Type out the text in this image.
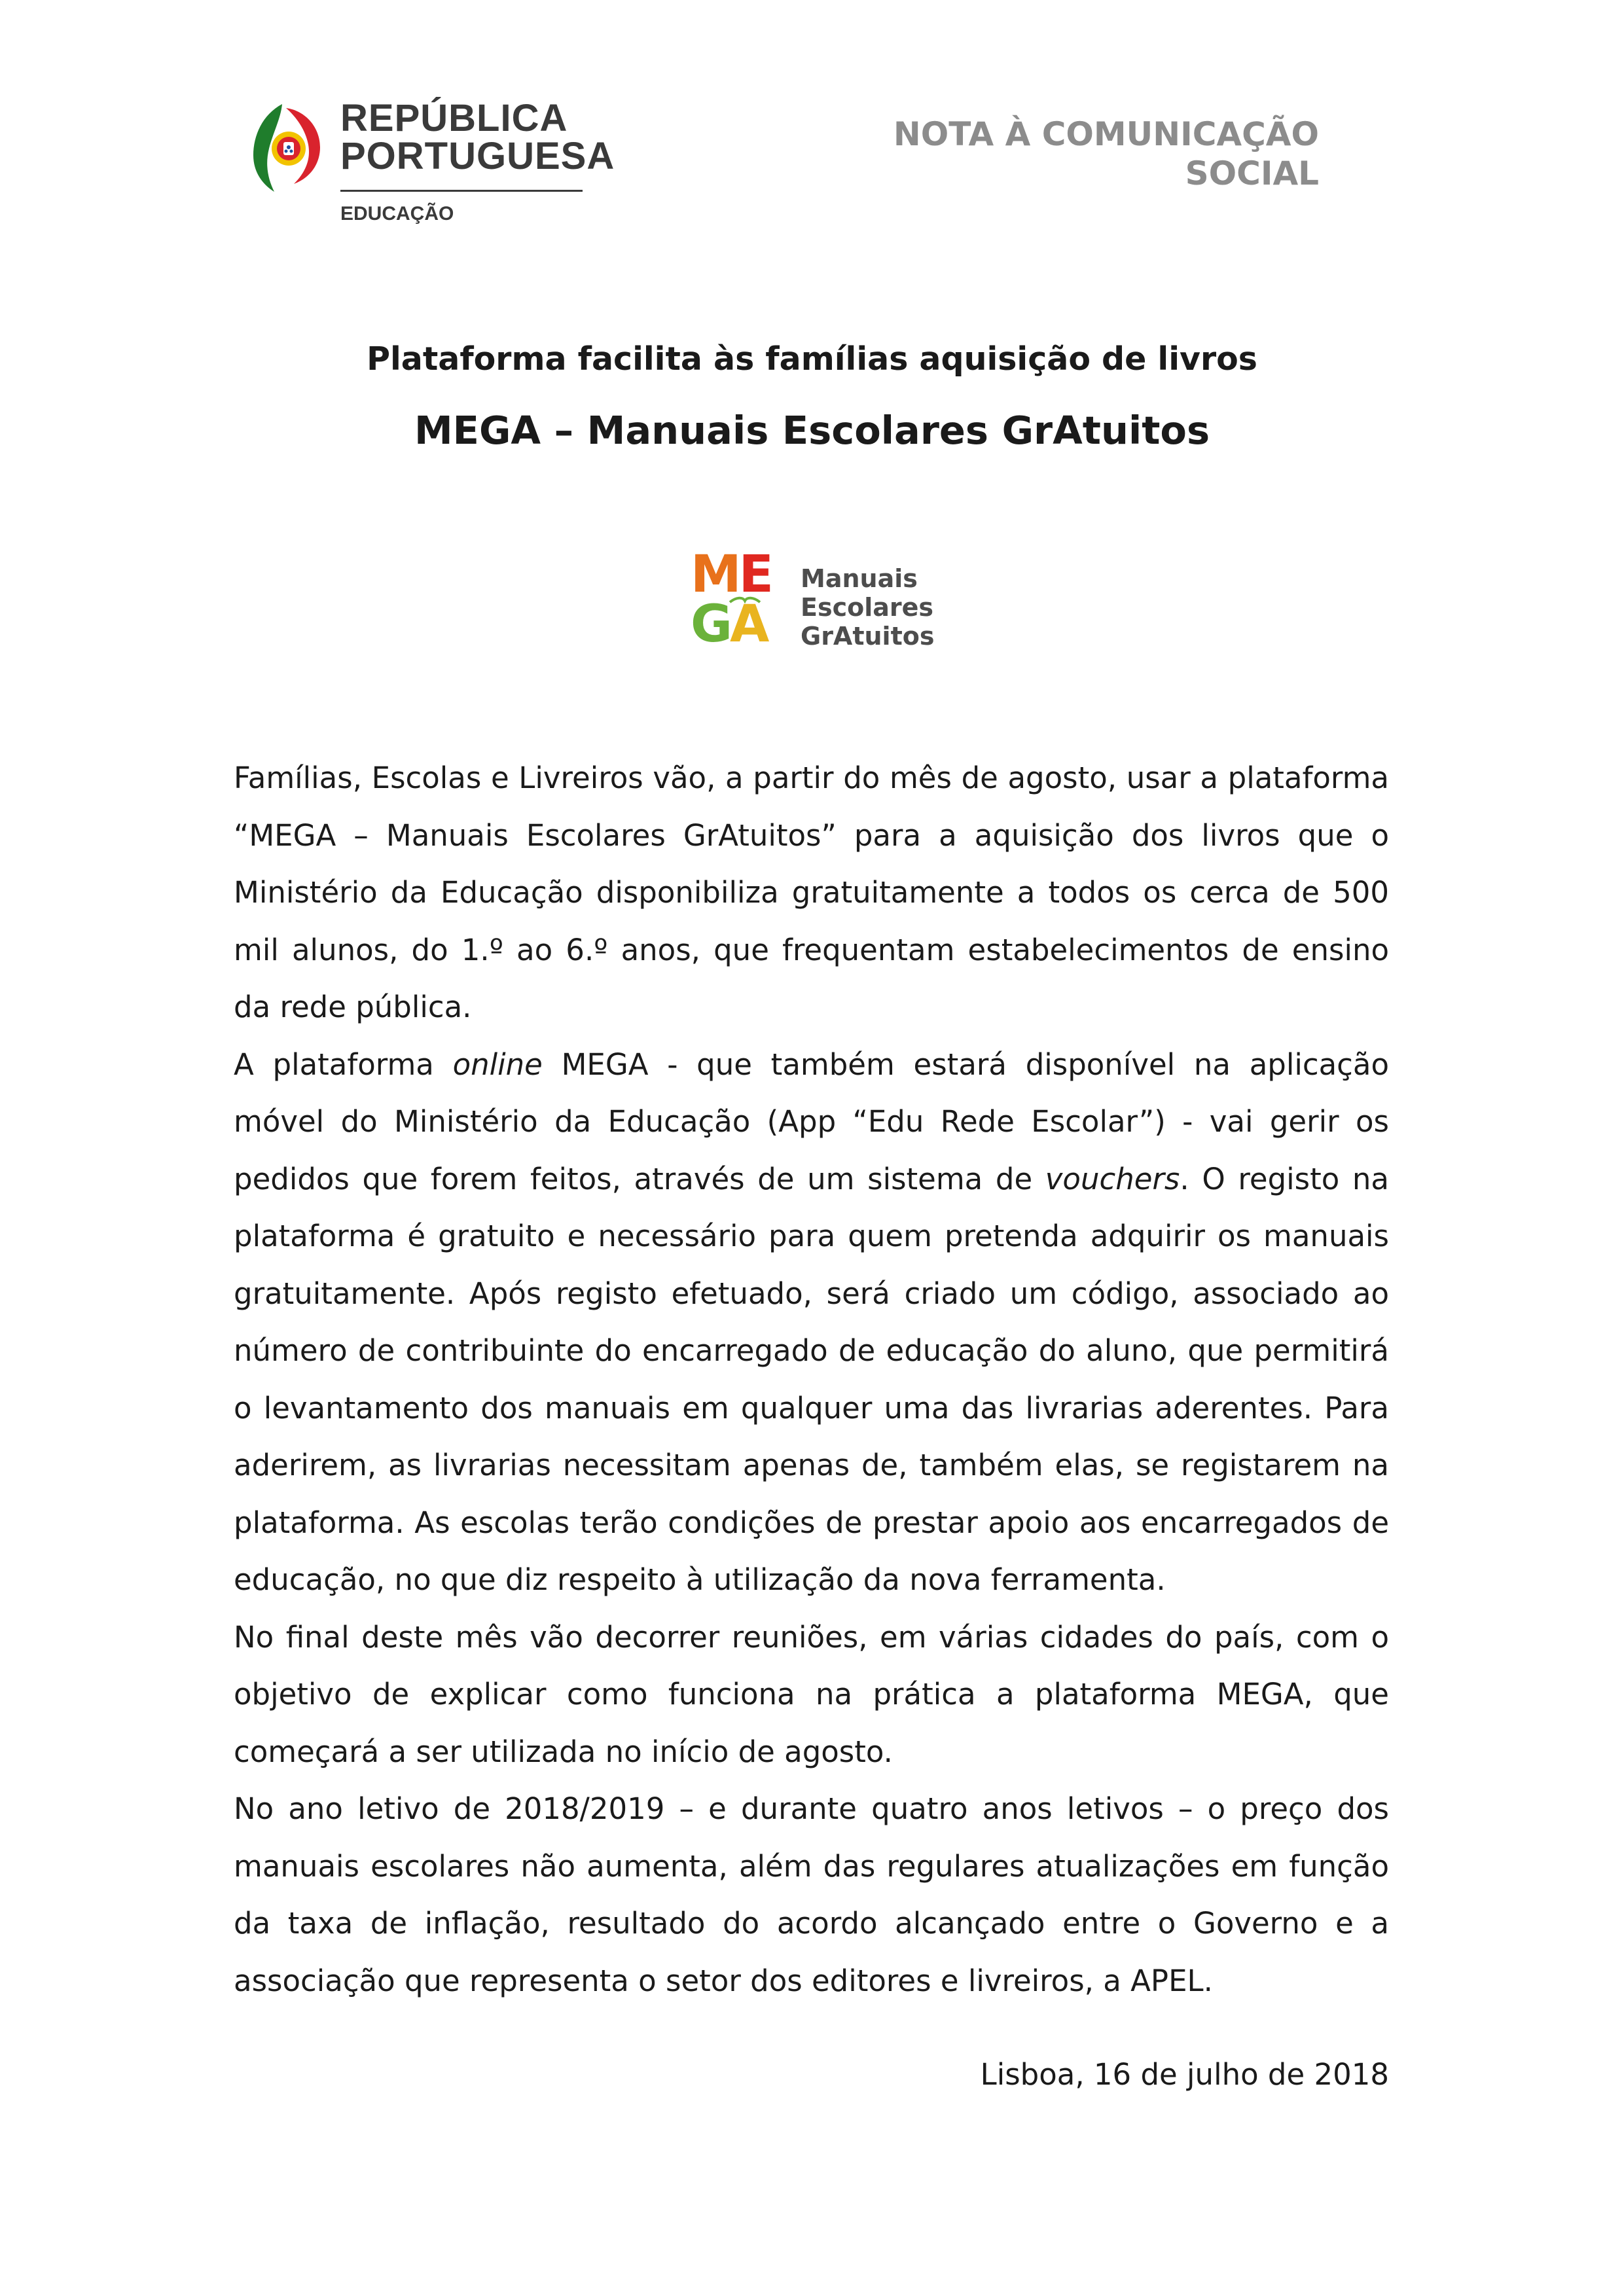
REPÚBLICA
PORTUGUESA
EDUCAÇÃO
NOTA À COMUNICAÇÃO SOCIAL
Plataforma facilita às famílias aquisição de livros
MEGA – Manuais Escolares GrAtuitos
ME
GA
Manuais
Escolares
GrAtuitos

Famílias, Escolas e Livreiros vão, a partir do mês de agosto, usar a plataforma “MEGA – Manuais Escolares GrAtuitos” para a aquisição dos livros que o Ministério da Educação disponibiliza gratuitamente a todos os cerca de 500 mil alunos, do 1.º ao 6.º anos, que frequentam estabelecimentos de ensino da rede pública.

A plataforma online MEGA - que também estará disponível na aplicação móvel do Ministério da Educação (App “Edu Rede Escolar”) - vai gerir os pedidos que forem feitos, através de um sistema de vouchers. O registo na plataforma é gratuito e necessário para quem pretenda adquirir os manuais gratuitamente. Após registo efetuado, será criado um código, associado ao número de contribuinte do encarregado de educação do aluno, que permitirá o levantamento dos manuais em qualquer uma das livrarias aderentes. Para aderirem, as livrarias necessitam apenas de, também elas, se registarem na plataforma. As escolas terão condições de prestar apoio aos encarregados de educação, no que diz respeito à utilização da nova ferramenta.

No final deste mês vão decorrer reuniões, em várias cidades do país, com o objetivo de explicar como funciona na prática a plataforma MEGA, que começará a ser utilizada no início de agosto.

No ano letivo de 2018/2019 – e durante quatro anos letivos – o preço dos manuais escolares não aumenta, além das regulares atualizações em função da taxa de inflação, resultado do acordo alcançado entre o Governo e a associação que representa o setor dos editores e livreiros, a APEL.

Lisboa, 16 de julho de 2018
